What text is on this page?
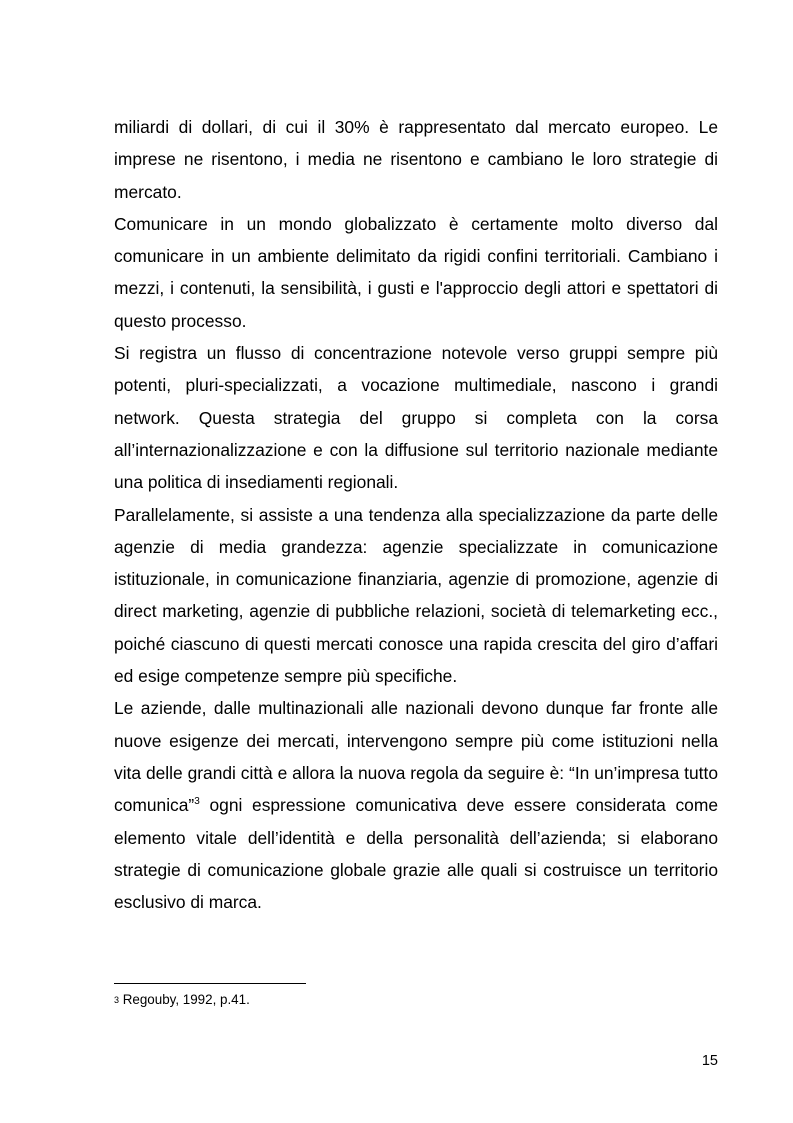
miliardi di dollari, di cui il 30% è rappresentato dal mercato europeo. Le imprese ne risentono, i media ne risentono e cambiano le loro strategie di mercato.

Comunicare in un mondo globalizzato è certamente molto diverso dal comunicare in un ambiente delimitato da rigidi confini territoriali. Cambiano i mezzi, i contenuti, la sensibilità, i gusti e l'approccio degli attori e spettatori di questo processo.

Si registra un flusso di concentrazione notevole verso gruppi sempre più potenti, pluri-specializzati, a vocazione multimediale, nascono i grandi network. Questa strategia del gruppo si completa con la corsa all’internazionalizzazione e con la diffusione sul territorio nazionale mediante una politica di insediamenti regionali.

Parallelamente, si assiste a una tendenza alla specializzazione da parte delle agenzie di media grandezza: agenzie specializzate in comunicazione istituzionale, in comunicazione finanziaria, agenzie di promozione, agenzie di direct marketing, agenzie di pubbliche relazioni, società di telemarketing ecc., poiché ciascuno di questi mercati conosce una rapida crescita del giro d’affari ed esige competenze sempre più specifiche.

Le aziende, dalle multinazionali alle nazionali devono dunque far fronte alle nuove esigenze dei mercati, intervengono sempre più come istituzioni nella vita delle grandi città e allora la nuova regola da seguire è: “In un’impresa tutto comunica”$^3$ ogni espressione comunicativa deve essere considerata come elemento vitale dell’identità e della personalità dell’azienda; si elaborano strategie di comunicazione globale grazie alle quali si costruisce un territorio esclusivo di marca.

3 Regouby, 1992, p.41.

15
